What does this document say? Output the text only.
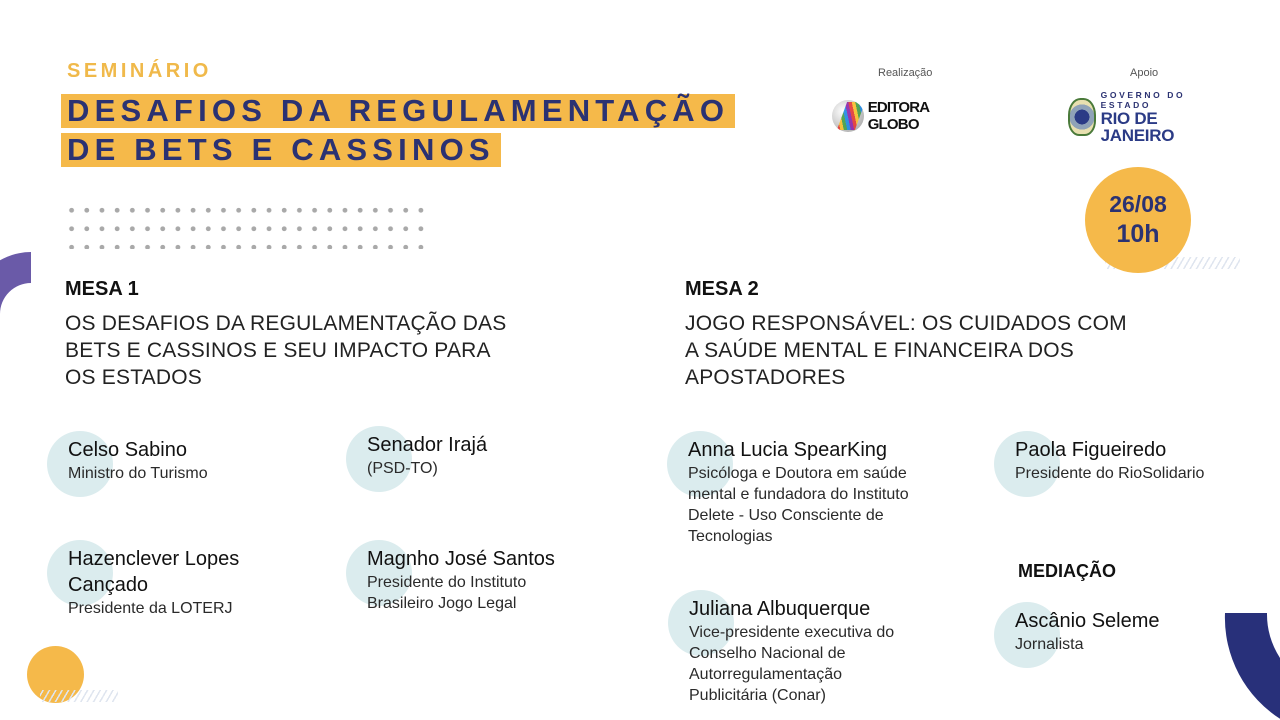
SEMINÁRIO
DESAFIOS DA REGULAMENTAÇÃO
DE BETS E CASSINOS
Realização
EDITORA GLOBO
Apoio
GOVERNO DO ESTADO
RIO DE JANEIRO
26/08
10h
MESA 1
OS DESAFIOS DA REGULAMENTAÇÃO DAS
BETS E CASSINOS E SEU IMPACTO PARA
OS ESTADOS
Celso Sabino
Ministro do Turismo
Senador Irajá
(PSD-TO)
Hazenclever Lopes
Cançado
Presidente da LOTERJ
Magnho José Santos
Presidente do Instituto
Brasileiro Jogo Legal
MESA 2
JOGO RESPONSÁVEL: OS CUIDADOS COM
A SAÚDE MENTAL E FINANCEIRA DOS
APOSTADORES
Anna Lucia SpearKing
Psicóloga e Doutora em saúde
mental e fundadora do Instituto
Delete - Uso Consciente de
Tecnologias
Paola Figueiredo
Presidente do RioSolidario
Juliana Albuquerque
Vice-presidente executiva do
Conselho Nacional de
Autorregulamentação
Publicitária (Conar)
MEDIAÇÃO
Ascânio Seleme
Jornalista
